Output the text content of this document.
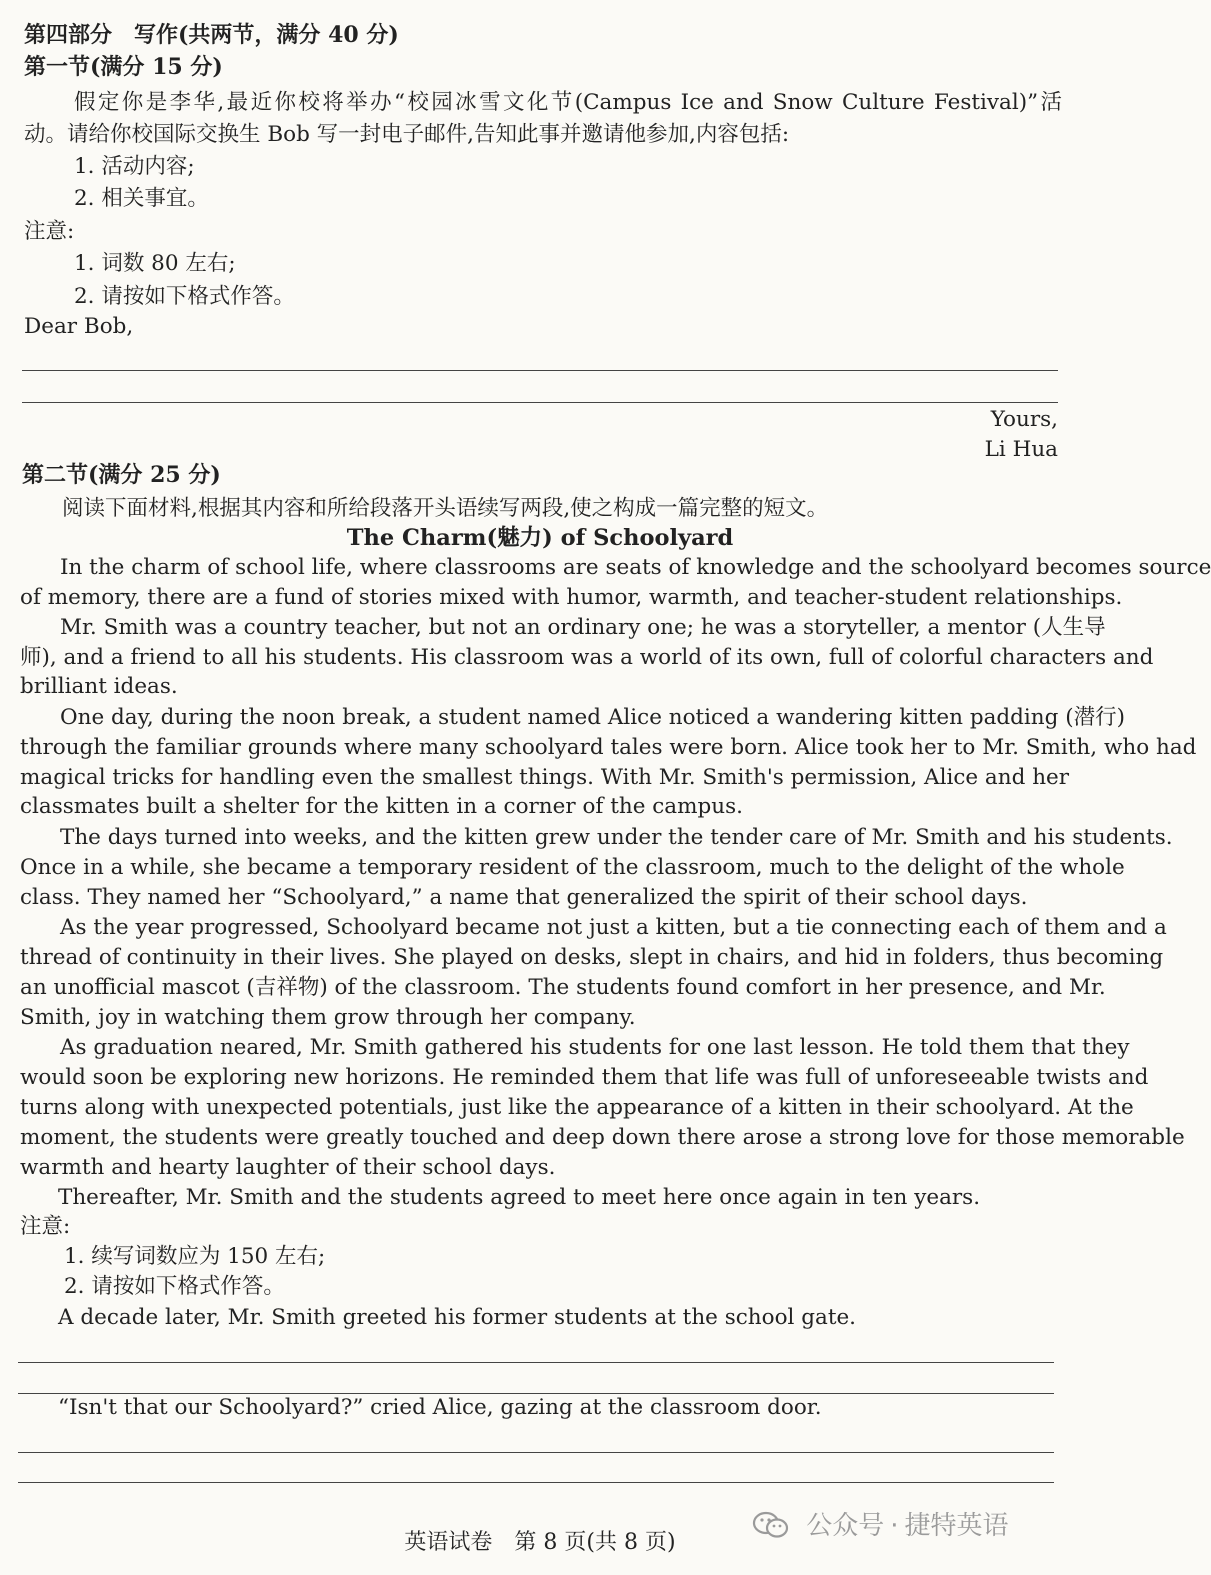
第四部分　写作(共两节，满分 40 分)
第一节(满分 15 分)
假定你是李华,最近你校将举办“校园冰雪文化节(Campus Ice and Snow Culture Festival)”活
动。请给你校国际交换生 Bob 写一封电子邮件,告知此事并邀请他参加,内容包括:
1. 活动内容;
2. 相关事宜。
注意:
1. 词数 80 左右;
2. 请按如下格式作答。
Dear Bob,
Yours,
Li Hua
第二节(满分 25 分)
阅读下面材料,根据其内容和所给段落开头语续写两段,使之构成一篇完整的短文。
The Charm(魅力) of Schoolyard
In the charm of school life, where classrooms are seats of knowledge and the schoolyard becomes source
of memory, there are a fund of stories mixed with humor, warmth, and teacher-student relationships.
Mr. Smith was a country teacher, but not an ordinary one; he was a storyteller, a mentor (人生导
师), and a friend to all his students. His classroom was a world of its own, full of colorful characters and
brilliant ideas.
One day, during the noon break, a student named Alice noticed a wandering kitten padding (潜行)
through the familiar grounds where many schoolyard tales were born. Alice took her to Mr. Smith, who had
magical tricks for handling even the smallest things. With Mr. Smith's permission, Alice and her
classmates built a shelter for the kitten in a corner of the campus.
The days turned into weeks, and the kitten grew under the tender care of Mr. Smith and his students.
Once in a while, she became a temporary resident of the classroom, much to the delight of the whole
class. They named her “Schoolyard,” a name that generalized the spirit of their school days.
As the year progressed, Schoolyard became not just a kitten, but a tie connecting each of them and a
thread of continuity in their lives. She played on desks, slept in chairs, and hid in folders, thus becoming
an unofficial mascot (吉祥物) of the classroom. The students found comfort in her presence, and Mr.
Smith, joy in watching them grow through her company.
As graduation neared, Mr. Smith gathered his students for one last lesson. He told them that they
would soon be exploring new horizons. He reminded them that life was full of unforeseeable twists and
turns along with unexpected potentials, just like the appearance of a kitten in their schoolyard. At the
moment, the students were greatly touched and deep down there arose a strong love for those memorable
warmth and hearty laughter of their school days.
Thereafter, Mr. Smith and the students agreed to meet here once again in ten years.
注意:
1. 续写词数应为 150 左右;
2. 请按如下格式作答。
A decade later, Mr. Smith greeted his former students at the school gate.
“Isn't that our Schoolyard?” cried Alice, gazing at the classroom door.
公众号 · 捷特英语
英语试卷　第 8 页(共 8 页)
